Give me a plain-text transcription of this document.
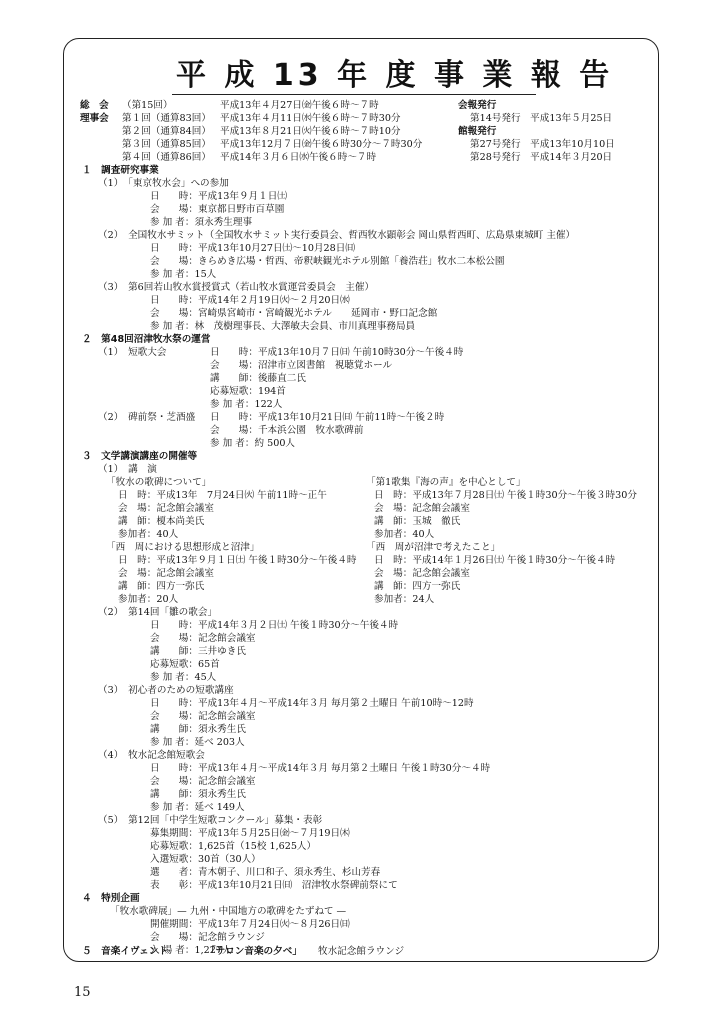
平 成 13 年 度 事 業 報 告
総　会 （第15回）	平成13年４月27日㈮午後６時～７時
理事会 第１回（通算83回） 平成13年４月11日㈬午後６時～７時30分
第２回（通算84回） 平成13年８月21日㈫午後６時～７時10分
第３回（通算85回） 平成13年12月７日㈮午後６時30分～７時30分
第４回（通算86回） 平成14年３月６日㈬午後６時～７時
会報発行
第14号発行　平成13年５月25日
館報発行
第27号発行　平成13年10月10日
第28号発行　平成14年３月20日
１　調査研究事業
（1）　「東京牧水会」への参加
日　　時：平成13年９月１日㈯
会　　場：東京都日野市百草園
参 加 者：須永秀生理事
（2）　全国牧水サミット（全国牧水サミット実行委員会、哲西牧水顕彰会 岡山県哲西町、広島県東城町 主催）
日　　時：平成13年10月27日㈯～10月28日㈰
会　　場：きらめき広場・哲西、帝釈峡観光ホテル別館「養浩荘」牧水二本松公園
参 加 者：15人
（3）　第6回若山牧水賞授賞式（若山牧水賞運営委員会　主催）
日　　時：平成14年２月19日㈫～２月20日㈬
会　　場：宮崎県宮崎市・宮崎観光ホテル　　延岡市・野口記念館
参 加 者：林　茂樹理事長、大澤敏夫会員、市川真理事務局員
２　第48回沼津牧水祭の運営
（1）　短歌大会	日　　時：平成13年10月７日㈰ 午前10時30分～午後４時
会　　場：沼津市立図書館　視聴覚ホール
講　　師：後藤直二氏
応募短歌：194首
参 加 者：122人
（2）　碑前祭・芝酒盛 日　　時：平成13年10月21日㈰ 午前11時～午後２時
会　　場：千本浜公園　牧水歌碑前
参 加 者：約 500人
３　文学講演講座の開催等
（1）　講　演
「牧水の歌碑について」
日　時：平成13年　7月24日㈫ 午前11時～正午
会　場：記念館会議室
講　師：榎本尚美氏
参加者：40人
「第1歌集『海の声』を中心として」
日　時：平成13年７月28日㈯ 午後１時30分～午後３時30分
会　場：記念館会議室
講　師：玉城　徹氏
参加者：40人
「西　周における思想形成と沼津」
日　時：平成13年９月１日㈯ 午後１時30分～午後４時
会　場：記念館会議室
講　師：四方一弥氏
参加者：20人
「西　周が沼津で考えたこと」
日　時：平成14年１月26日㈯ 午後１時30分～午後４時
会　場：記念館会議室
講　師：四方一弥氏
参加者：24人
（2）　第14回「雛の歌会」
日　　時：平成14年３月２日㈯ 午後１時30分～午後４時
会　　場：記念館会議室
講　　師：三井ゆき氏
応募短歌：65首
参 加 者：45人
（3）　初心者のための短歌講座
日　　時：平成13年４月～平成14年３月 毎月第２土曜日 午前10時～12時
会　　場：記念館会議室
講　　師：須永秀生氏
参 加 者：延べ 203人
（4）　牧水記念館短歌会
日　　時：平成13年４月～平成14年３月 毎月第２土曜日 午後１時30分～４時
会　　場：記念館会議室
講　　師：須永秀生氏
参 加 者：延べ 149人
（5）　第12回「中学生短歌コンクール」募集・表彰
募集期間：平成13年５月25日㈮～７月19日㈭
応募短歌：1,625首（15校 1,625人）
入選短歌：30首（30人）
選　　者：青木朝子、川口和子、須永秀生、杉山芳春
表　　彰：平成13年10月21日㈰　沼津牧水祭碑前祭にて
４　特別企画
「牧水歌碑展」— 九州・中国地方の歌碑をたずねて —
開催期間：平成13年７月24日㈫～８月26日㈰
会　　場：記念館ラウンジ
入 場 者：1,227人
５　音楽イヴェント	「サロン音楽の夕べ」 牧水記念館ラウンジ
15
